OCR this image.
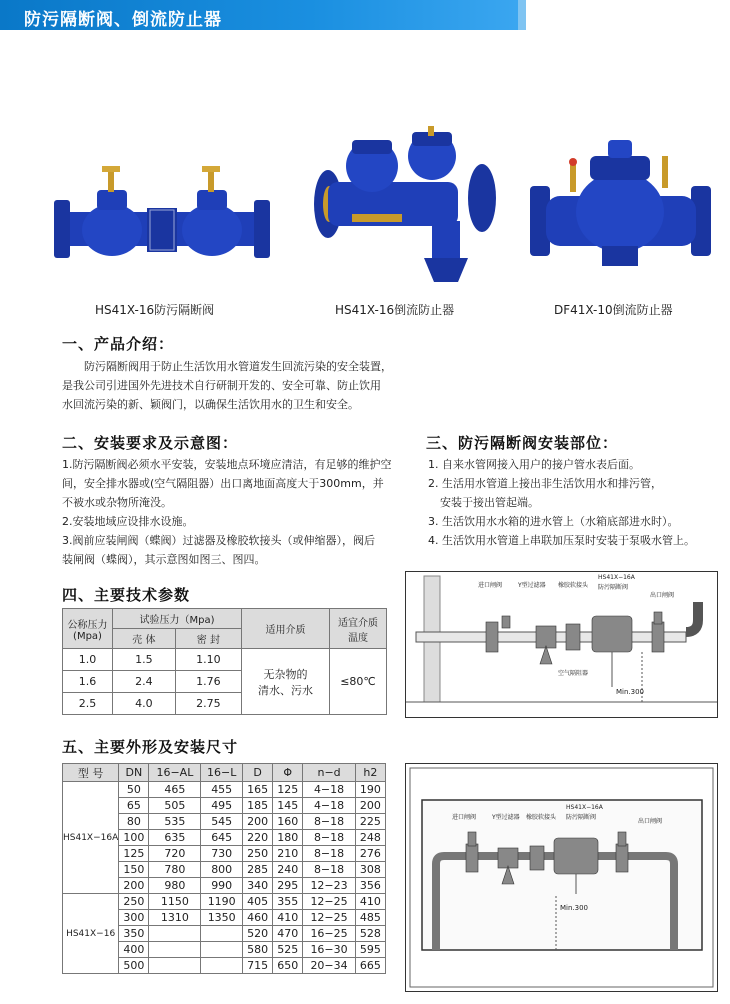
防污隔断阀、倒流防止器
HS41X-16防污隔断阀	HS41X-16倒流防止器	DF41X-10倒流防止器
一、产品介绍：

防污隔断阀用于防止生活饮用水管道发生回流污染的安全装置，

是我公司引进国外先进技术自行研制开发的、安全可靠、防止饮用

水回流污染的新、颖阀门，以确保生活饮用水的卫生和安全。

二、安装要求及示意图：

1.防污隔断阀必须水平安装，安装地点环境应清洁，有足够的维护空

间，安全排水器或(空气隔阻器）出口离地面高度大于300mm，并

不被水或杂物所淹没。

2.安装地域应设排水设施。

3.阀前应装闸阀（蝶阀）过滤器及橡胶软接头（或伸缩器），阀后

装闸阀（蝶阀），其示意图如图三、图四。

三、防污隔断阀安装部位：

1. 自来水管网接入用户的接户管水表后面。

2. 生活用水管道上接出非生活饮用水和排污管，

安装于接出管起端。

3. 生活饮用水水箱的进水管上（水箱底部进水时）。

4. 生活饮用水管道上串联加压泵时安装于泵吸水管上。

四、主要技术参数
公称压力
(Mpa)	试验压力（Mpa)		适用介质	适宜介质
温度
	壳 体	密 封		
1.0	1.5	1.10	无杂物的
清水、污水	≤80℃
1.6	2.4	1.76		
2.5	4.0	2.75		
进口闸阀	Y型过滤器 橡胶软接头
HS41X−16A
防污隔断阀
出口闸阀
空气隔阻器
Min.300
五、主要外形及安装尺寸
型 号	DN	16−AL	16−L	D	Φ	n−d	h2
HS41X−16A	50	465	455	165	125	4−18	190
	65	505	495	185	145	4−18	200
	80	535	545	200	160	8−18	225
	100	635	645	220	180	8−18	248
	125	720	730	250	210	8−18	276
	150	780	800	285	240	8−18	308
	200	980	990	340	295	12−23	356
HS41X−16	250	1150	1190	405	355	12−25	410
	300	1310	1350	460	410	12−25	485
	350			520	470	16−25	528
	400			580	525	16−30	595
	500			715	650	20−34	665
进口闸阀	Y型过滤器 橡胶软接头
HS41X−16A
防污隔断阀
出口闸阀
Min.300
